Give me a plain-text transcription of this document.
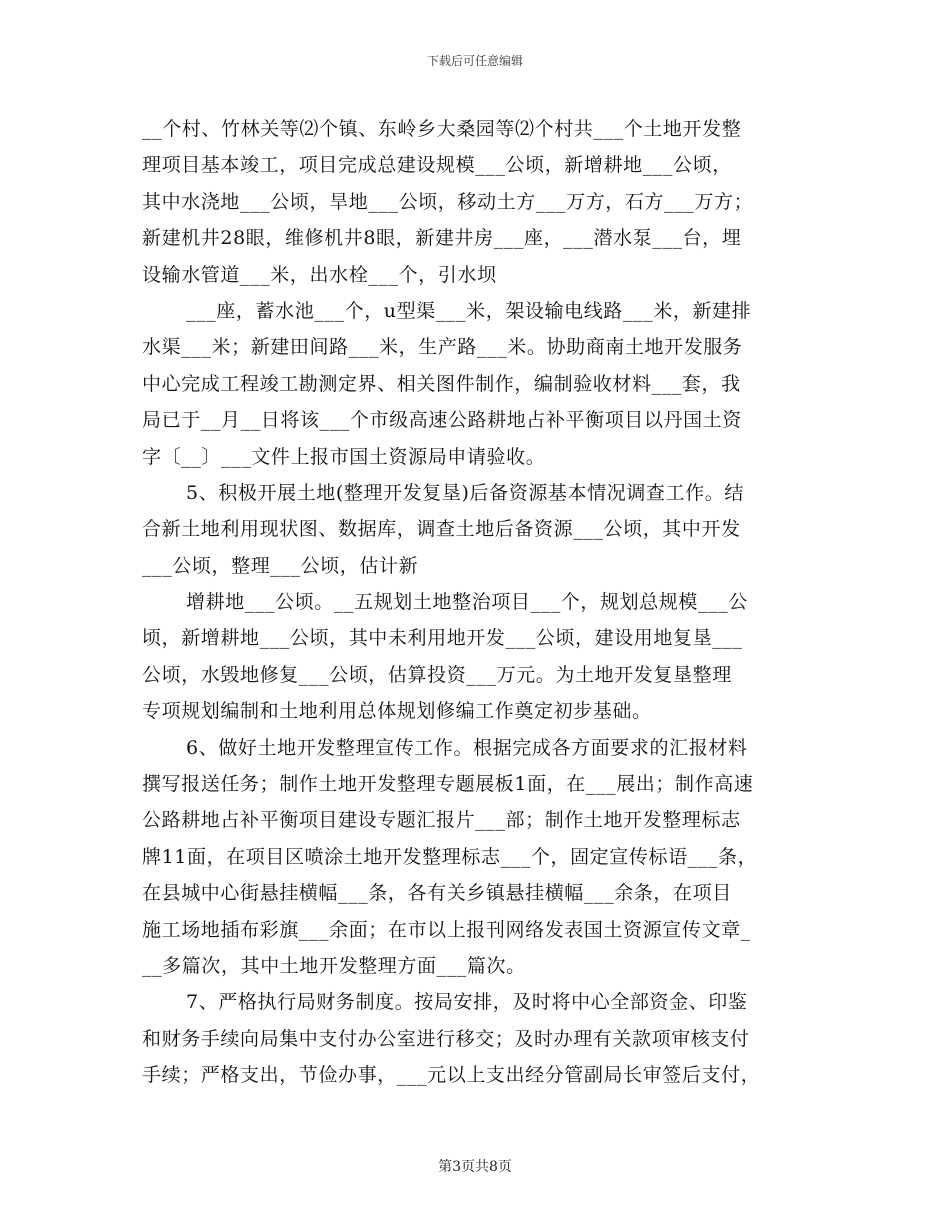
下载后可任意编辑
__个村、竹林关等⑵个镇、东岭乡大桑园等⑵个村共___个土地开发整
理项目基本竣工，项目完成总建设规模___公顷，新增耕地___公顷，
其中水浇地___公顷，旱地___公顷，移动土方___万方，石方___万方；
新建机井28眼，维修机井8眼，新建井房___座，___潜水泵___台，埋
设输水管道___米，出水栓___个，引水坝
___座，蓄水池___个，u型渠___米，架设输电线路___米，新建排
水渠___米；新建田间路___米，生产路___米。协助商南土地开发服务
中心完成工程竣工勘测定界、相关图件制作，编制验收材料___套，我
局已于__月__日将该___个市级高速公路耕地占补平衡项目以丹国土资
字〔__〕___文件上报市国土资源局申请验收。
5、积极开展土地(整理开发复垦)后备资源基本情况调查工作。结
合新土地利用现状图、数据库，调查土地后备资源___公顷，其中开发
___公顷，整理___公顷，估计新
增耕地___公顷。__五规划土地整治项目___个，规划总规模___公
顷，新增耕地___公顷，其中未利用地开发___公顷，建设用地复垦___
公顷，水毁地修复___公顷，估算投资___万元。为土地开发复垦整理
专项规划编制和土地利用总体规划修编工作奠定初步基础。
6、做好土地开发整理宣传工作。根据完成各方面要求的汇报材料
撰写报送任务；制作土地开发整理专题展板1面，在___展出；制作高速
公路耕地占补平衡项目建设专题汇报片___部；制作土地开发整理标志
牌11面，在项目区喷涂土地开发整理标志___个，固定宣传标语___条，
在县城中心街悬挂横幅___条，各有关乡镇悬挂横幅___余条，在项目
施工场地插布彩旗___余面；在市以上报刊网络发表国土资源宣传文章_
__多篇次，其中土地开发整理方面___篇次。
7、严格执行局财务制度。按局安排，及时将中心全部资金、印鉴
和财务手续向局集中支付办公室进行移交；及时办理有关款项审核支付
手续；严格支出，节俭办事，___元以上支出经分管副局长审签后支付，
第3页共8页
